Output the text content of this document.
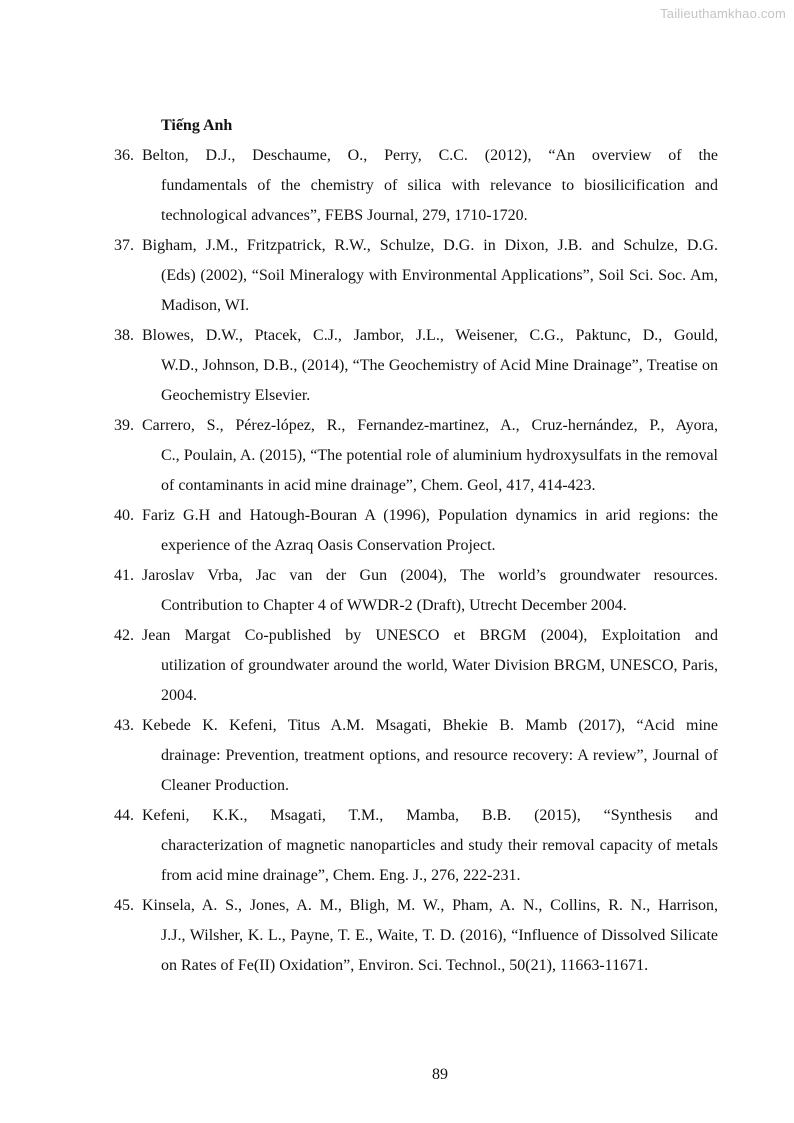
Tailieuthamkhao.com
Tiếng Anh
36. Belton, D.J., Deschaume, O., Perry, C.C. (2012), “An overview of the
fundamentals of the chemistry of silica with relevance to biosilicification and technological advances”, FEBS Journal, 279, 1710-1720.
37. Bigham, J.M., Fritzpatrick, R.W., Schulze, D.G. in Dixon, J.B. and Schulze, D.G.
(Eds) (2002), “Soil Mineralogy with Environmental Applications”, Soil Sci. Soc. Am, Madison, WI.
38. Blowes, D.W., Ptacek, C.J., Jambor, J.L., Weisener, C.G., Paktunc, D., Gould,
W.D., Johnson, D.B., (2014), “The Geochemistry of Acid Mine Drainage”, Treatise on Geochemistry Elsevier.
39. Carrero, S., Pérez-lópez, R., Fernandez-martinez, A., Cruz-hernández, P., Ayora,
C., Poulain, A. (2015), “The potential role of aluminium hydroxysulfats in the removal of contaminants in acid mine drainage”, Chem. Geol, 417, 414-423.
40. Fariz G.H and Hatough-Bouran A (1996), Population dynamics in arid regions: the
experience of the Azraq Oasis Conservation Project.
41. Jaroslav Vrba, Jac van der Gun (2004), The world’s groundwater resources.
Contribution to Chapter 4 of WWDR-2 (Draft), Utrecht December 2004.
42. Jean Margat Co-published by UNESCO et BRGM (2004), Exploitation and
utilization of groundwater around the world, Water Division BRGM, UNESCO, Paris, 2004.
43. Kebede K. Kefeni, Titus A.M. Msagati, Bhekie B. Mamb (2017), “Acid mine
drainage: Prevention, treatment options, and resource recovery: A review”, Journal of Cleaner Production.
44. Kefeni, K.K., Msagati, T.M., Mamba, B.B. (2015), “Synthesis and
characterization of magnetic nanoparticles and study their removal capacity of metals from acid mine drainage”, Chem. Eng. J., 276, 222-231.
45. Kinsela, A. S., Jones, A. M., Bligh, M. W., Pham, A. N., Collins, R. N., Harrison,
J.J., Wilsher, K. L., Payne, T. E., Waite, T. D. (2016), “Influence of Dissolved Silicate on Rates of Fe(II) Oxidation”, Environ. Sci. Technol., 50(21), 11663-11671.
89
